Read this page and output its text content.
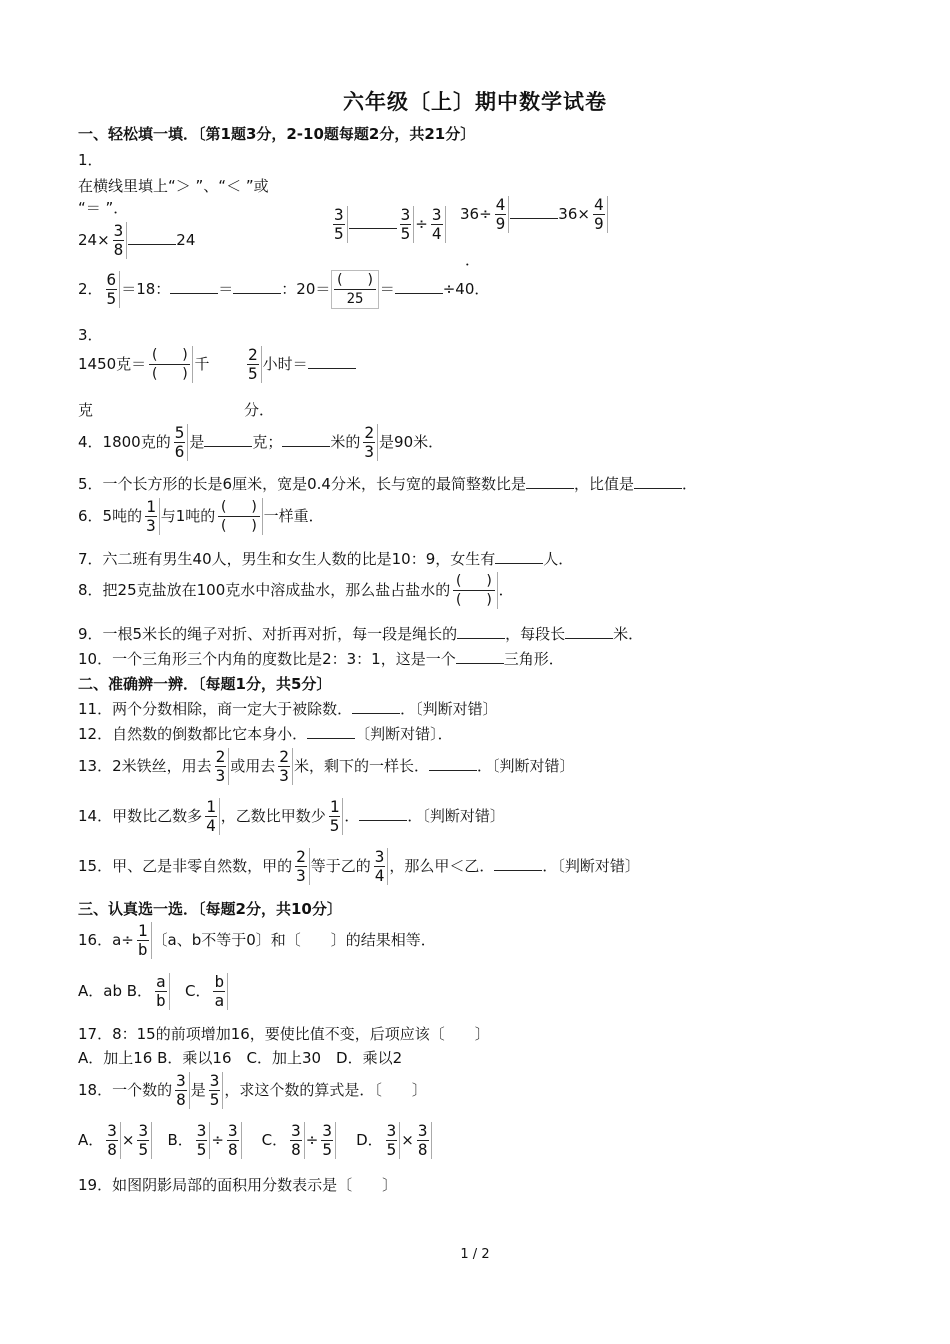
六年级〔上〕期中数学试卷
一、轻松填一填．〔第1题3分，2-10题每题2分，共21分〕
1．
在横线里填上“＞ ”、“＜ ”或
“＝ ”．
$24\times \frac{3}{8}$	24	$\frac{3}{5}$	$\frac{3}{5} \div \frac{3}{4} 36\div \frac{4}{9}$	$36\times \frac{4}{9}$
．
2． $\frac{6}{5} =18$：	＝	：$20= \frac{( )}{25}$ ＝	÷40．
3．
1450克＝ $\frac{( )}{( )}$ 千 $\frac{2}{5}$ 小时＝
克	分．
4．1800克的 $\frac{5}{6}$ 是	克；	米的 $\frac{2}{3}$ 是90米．
5．一个长方形的长是6厘米，宽是0.4分米，长与宽的最简整数比是	，比值是	．
6．5吨的 $\frac{1}{3}$ 与1吨的 $\frac{( )}{( )}$ 一样重．
7．六二班有男生40人，男生和女生人数的比是10：9，女生有	人．
8．把25克盐放在100克水中溶成盐水，那么盐占盐水的 $\frac{( )}{( )}$ ．
9．一根5米长的绳子对折、对折再对折，每一段是绳长的	，每段长	米．
10．一个三角形三个内角的度数比是2：3：1，这是一个	三角形．
二、准确辨一辨．〔每题1分，共5分〕
11．两个分数相除，商一定大于被除数．	．〔判断对错〕
12．自然数的倒数都比它本身小．	〔判断对错〕．
13．2米铁丝，用去 $\frac{2}{3}$ 或用去 $\frac{2}{3}$ 米，剩下的一样长．	．〔判断对错〕
14．甲数比乙数多 $\frac{1}{4}$ ，乙数比甲数少 $\frac{1}{5}$ ．	．〔判断对错〕
15．甲、乙是非零自然数，甲的 $\frac{2}{3}$ 等于乙的 $\frac{3}{4}$ ，那么甲＜乙．	．〔判断对错〕
三、认真选一选．〔每题2分，共10分〕
16．$a\div \frac{1}{b}$ 〔a、b不等于0〕和〔　　〕的结果相等．
A．ab B． $\frac{a}{b}$ C． $\frac{b}{a}$
17．8：15的前项增加16，要使比值不变，后项应该〔　　〕
A．加上16 B．乘以16　C．加上30　D．乘以2
18．一个数的 $\frac{3}{8}$ 是 $\frac{3}{5}$ ，求这个数的算式是．〔　　〕
A． $\frac{3}{8} \times \frac{3}{5}$ B． $\frac{3}{5} \div \frac{3}{8}$ C． $\frac{3}{8} \div \frac{3}{5}$ D． $\frac{3}{5} \times \frac{3}{8}$
19．如图阴影局部的面积用分数表示是〔　　〕
1 / 2
